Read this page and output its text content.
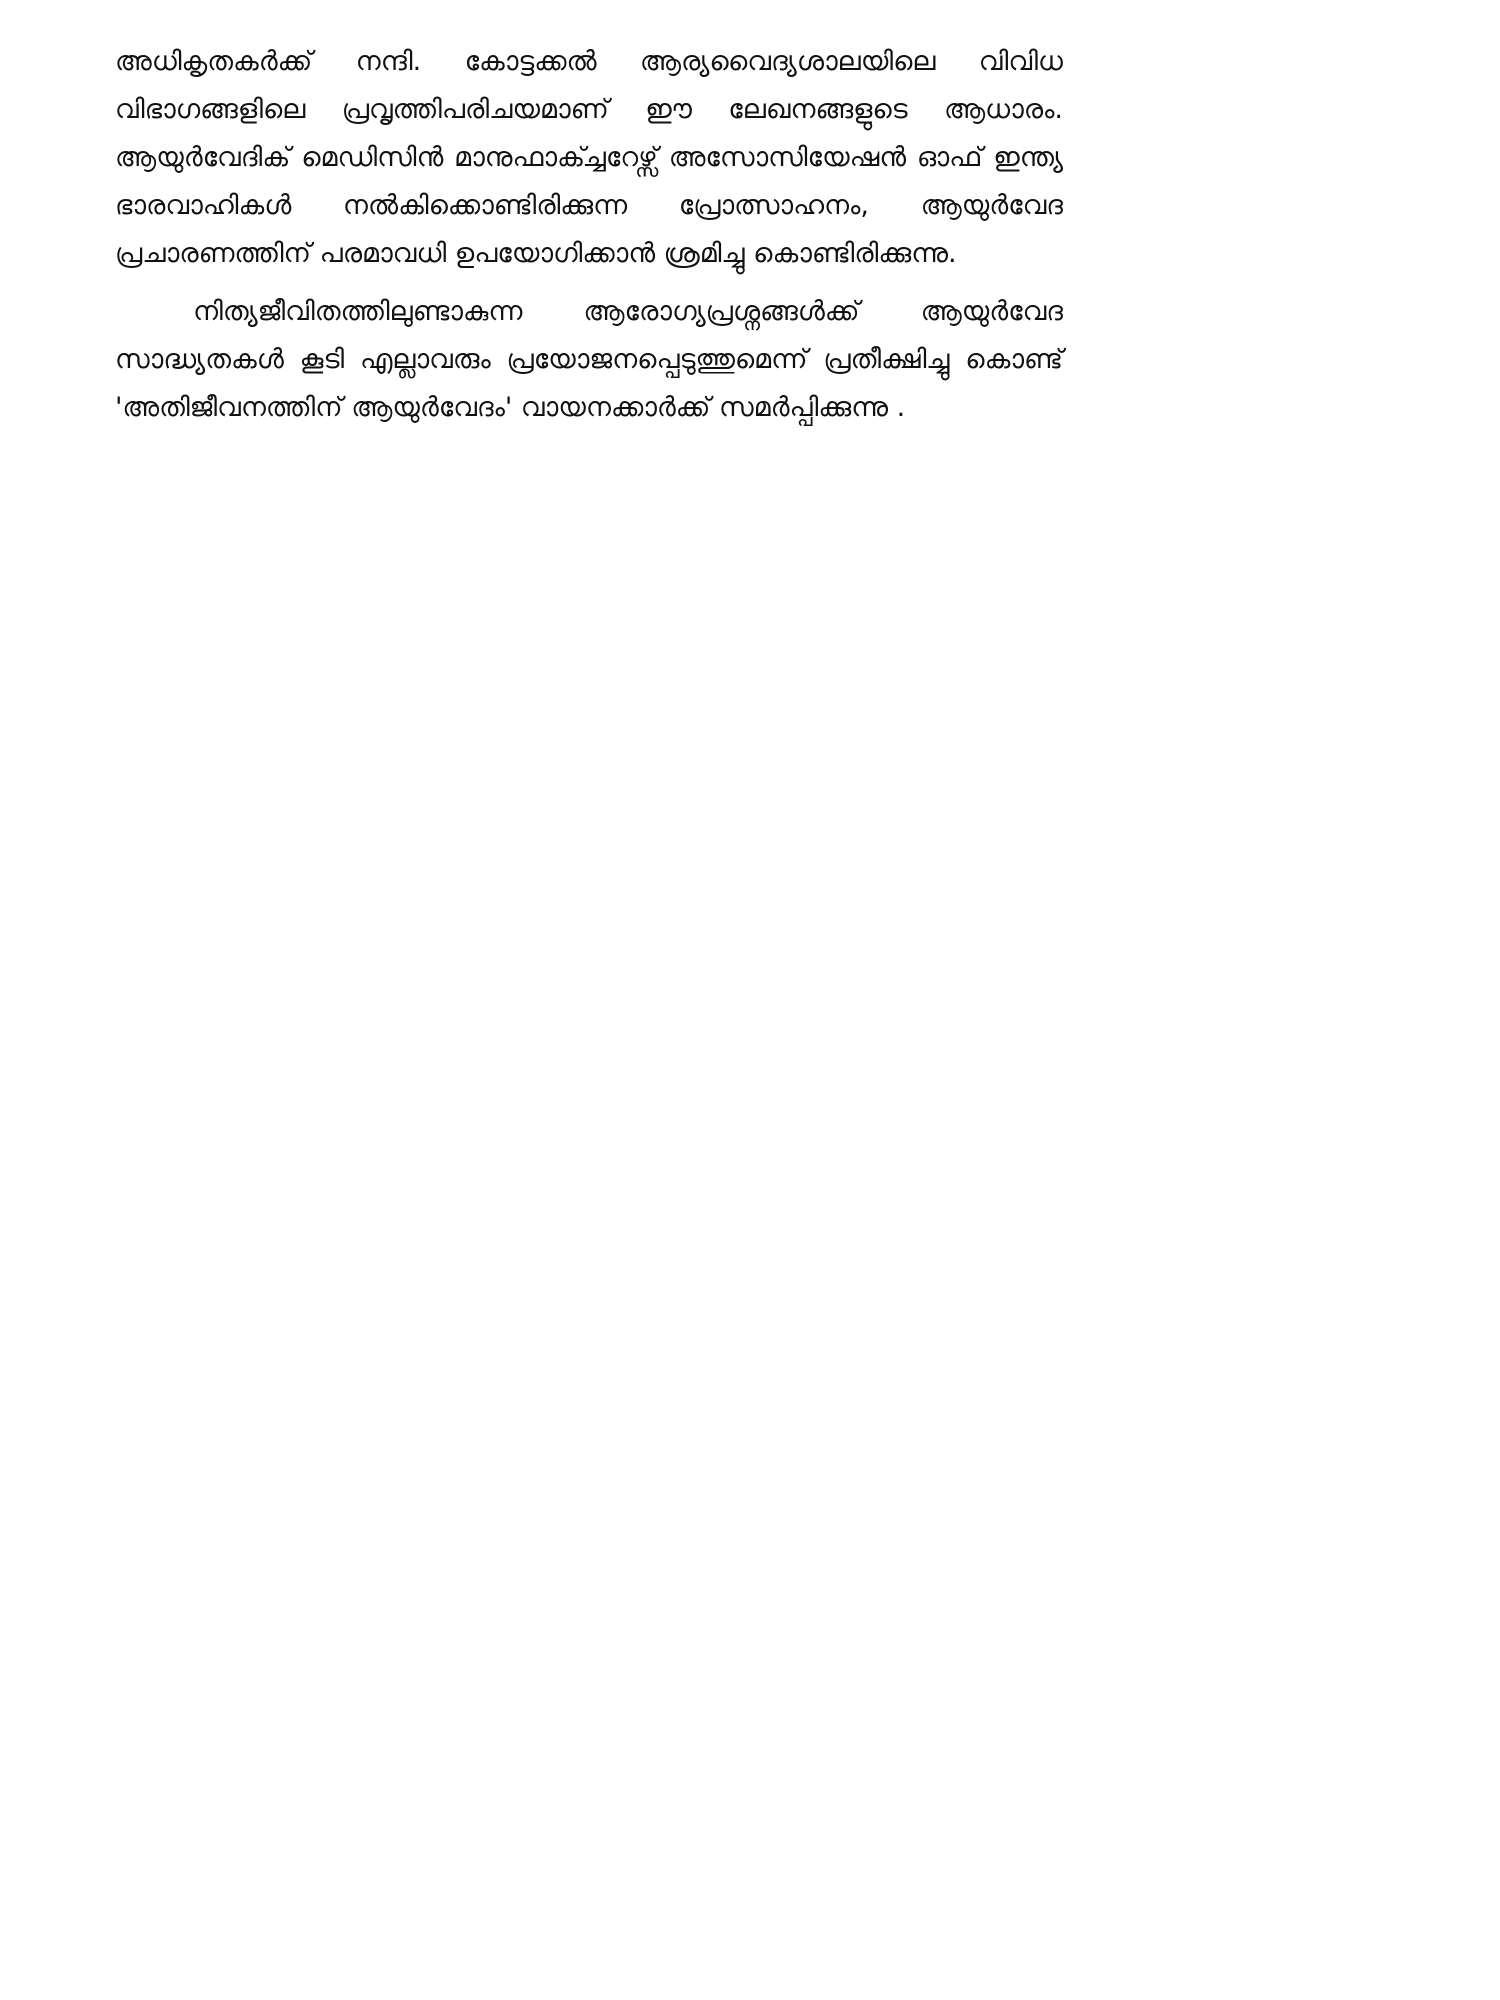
അധികൃതകർക്ക് നന്ദി. കോട്ടക്കൽ ആര്യവൈദ്യശാലയിലെ വിവിധ വിഭാഗങ്ങളിലെ പ്രവൃത്തിപരിചയമാണ് ഈ ലേഖനങ്ങളുടെ ആധാരം. ആയുർവേദിക് മെഡിസിൻ മാനുഫാക്ച്ചറേഴ്സ് അസോസിയേഷൻ ഓഫ് ഇന്ത്യ ഭാരവാഹികൾ നൽകിക്കൊണ്ടിരിക്കുന്ന പ്രോത്സാഹനം, ആയുർവേദ പ്രചാരണത്തിന് പരമാവധി ഉപയോഗിക്കാൻ ശ്രമിച്ചു കൊണ്ടിരിക്കുന്നു.

നിത്യജീവിതത്തിലുണ്ടാകുന്ന ആരോഗ്യപ്രശ്നങ്ങൾക്ക് ആയുർവേദ സാദ്ധ്യതകൾ കൂടി എല്ലാവരും പ്രയോജനപ്പെടുത്തുമെന്ന് പ്രതീക്ഷിച്ചു കൊണ്ട് 'അതിജീവനത്തിന് ആയുർവേദം' വായനക്കാർക്ക് സമർപ്പിക്കുന്നു .
